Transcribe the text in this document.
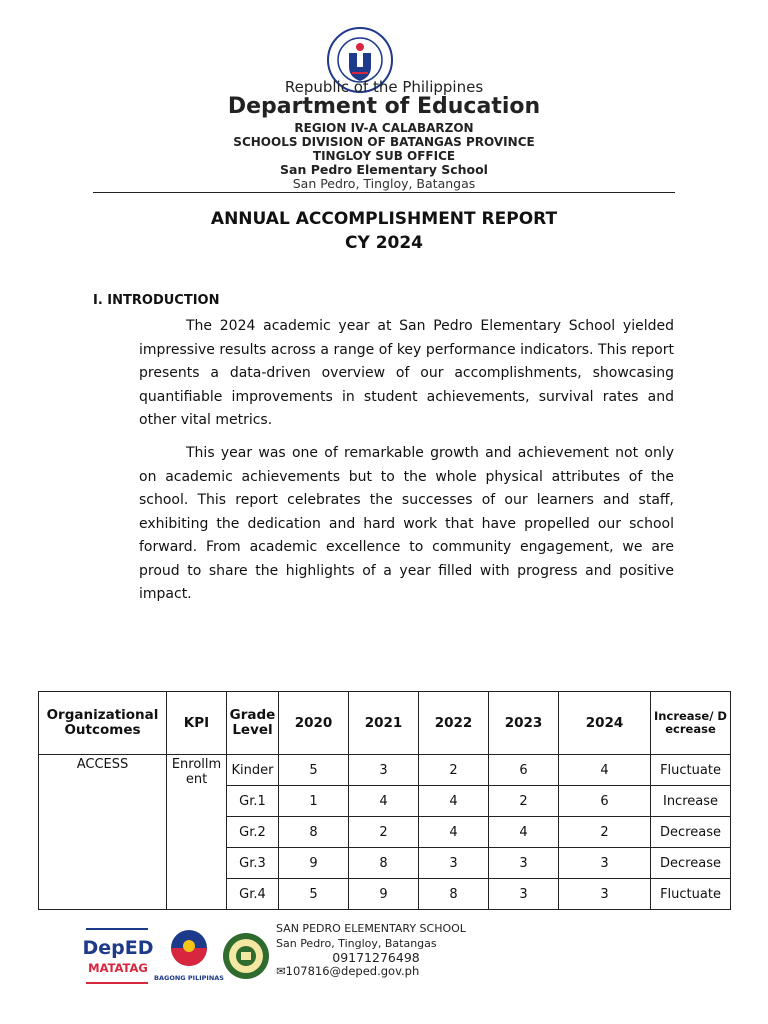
Republic of the Philippines
Department of Education
REGION IV-A CALABARZON
SCHOOLS DIVISION OF BATANGAS PROVINCE
TINGLOY SUB OFFICE
San Pedro Elementary School
San Pedro, Tingloy, Batangas
ANNUAL ACCOMPLISHMENT REPORT
CY 2024
I. INTRODUCTION

The 2024 academic year at San Pedro Elementary School yielded impressive results across a range of key performance indicators. This report presents a data-driven overview of our accomplishments, showcasing quantifiable improvements in student achievements, survival rates and other vital metrics.

This year was one of remarkable growth and achievement not only on academic achievements but to the whole physical attributes of the school. This report celebrates the successes of our learners and staff, exhibiting the dedication and hard work that have propelled our school forward. From academic excellence to community engagement, we are proud to share the highlights of a year filled with progress and positive impact.

Organizational Outcomes	KPI	Grade Level	2020	2021	2022	2023	2024	Increase/ Decrease
ACCESS	Enrollment	Kinder	5	3	2	6	4	Fluctuate
		Gr.1	1	4	4	2	6	Increase
		Gr.2	8	2	4	4	2	Decrease
		Gr.3	9	8	3	3	3	Decrease
		Gr.4	5	9	8	3	3	Fluctuate
DepED
MATATAG
BAGONG PILIPINAS
SAN PEDRO ELEMENTARY SCHOOL
San Pedro, Tingloy, Batangas
09171276498
✉107816@deped.gov.ph
